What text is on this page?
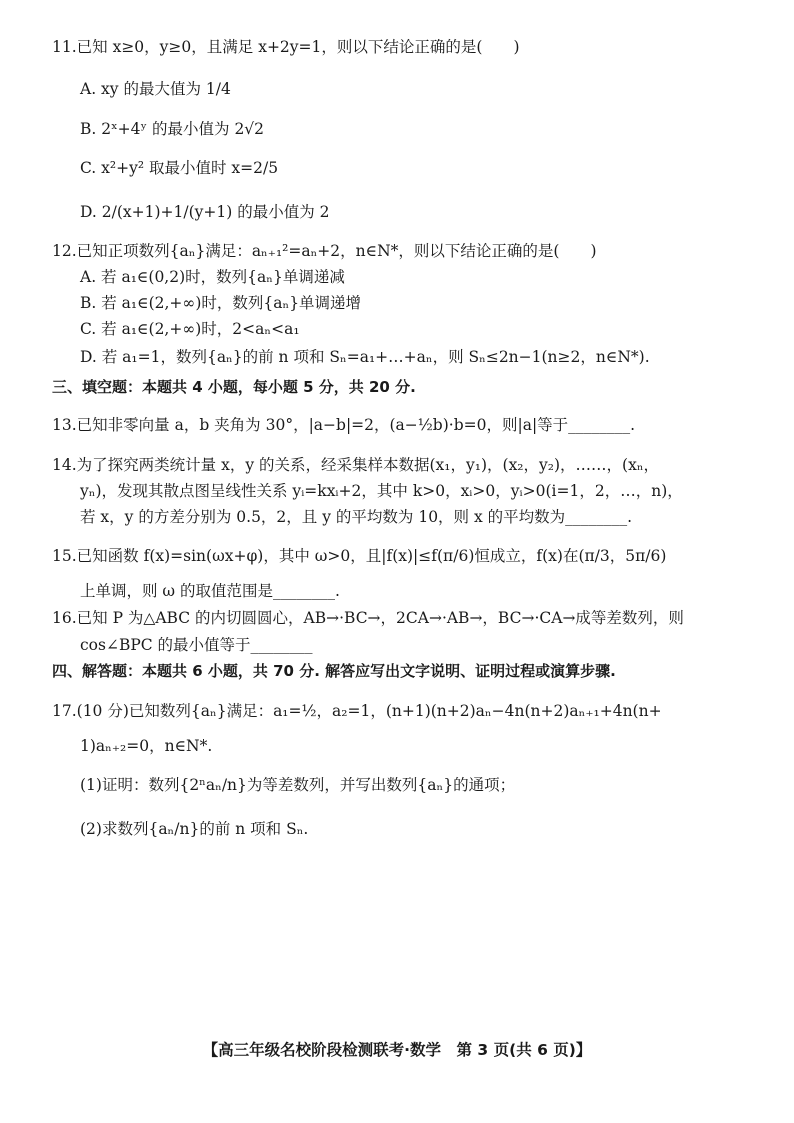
11.已知 x≥0，y≥0，且满足 x+2y=1，则以下结论正确的是(　　)
A. xy 的最大值为 1/4
B. 2ˣ+4ʸ 的最小值为 2√2
C. x²+y² 取最小值时 x=2/5
D. 2/(x+1)+1/(y+1) 的最小值为 2
12.已知正项数列{aₙ}满足：aₙ₊₁²=aₙ+2，n∈N*，则以下结论正确的是(　　)
A. 若 a₁∈(0,2)时，数列{aₙ}单调递减
B. 若 a₁∈(2,+∞)时，数列{aₙ}单调递增
C. 若 a₁∈(2,+∞)时，2<aₙ<a₁
D. 若 a₁=1，数列{aₙ}的前 n 项和 Sₙ=a₁+…+aₙ，则 Sₙ≤2n−1(n≥2，n∈N*).
三、填空题：本题共 4 小题，每小题 5 分，共 20 分.
13.已知非零向量 a，b 夹角为 30°，|a−b|=2，(a−½b)·b=0，则|a|等于________.
14.为了探究两类统计量 x，y 的关系，经采集样本数据(x₁，y₁)，(x₂，y₂)，……，(xₙ，
yₙ)，发现其散点图呈线性关系 yᵢ=kxᵢ+2，其中 k>0，xᵢ>0，yᵢ>0(i=1，2，…，n)，
若 x，y 的方差分别为 0.5，2，且 y 的平均数为 10，则 x 的平均数为________.
15.已知函数 f(x)=sin(ωx+φ)，其中 ω>0，且|f(x)|≤f(π/6)恒成立，f(x)在(π/3，5π/6)
上单调，则 ω 的取值范围是________.
16.已知 P 为△ABC 的内切圆圆心，AB→·BC→，2CA→·AB→，BC→·CA→成等差数列，则
cos∠BPC 的最小值等于________
四、解答题：本题共 6 小题，共 70 分. 解答应写出文字说明、证明过程或演算步骤.
17.(10 分)已知数列{aₙ}满足：a₁=½，a₂=1，(n+1)(n+2)aₙ−4n(n+2)aₙ₊₁+4n(n+
1)aₙ₊₂=0，n∈N*.
(1)证明：数列{2ⁿaₙ/n}为等差数列，并写出数列{aₙ}的通项；
(2)求数列{aₙ/n}的前 n 项和 Sₙ.
【高三年级名校阶段检测联考·数学　第 3 页(共 6 页)】
